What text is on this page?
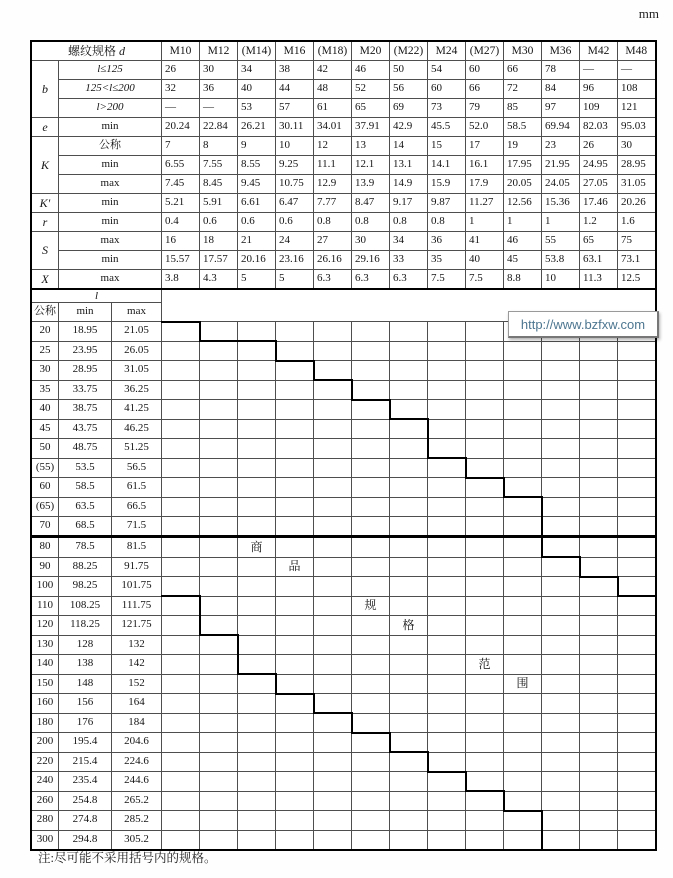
mm
螺纹规格 d			M10	M12	(M14)	M16	(M18)	M20	(M22)	M24	(M27)	M30	M36	M42	M48
b	l≤125		26	30	34	38	42	46	50	54	60	66	78	—	—
	125<l≤200		32	36	40	44	48	52	56	60	66	72	84	96	108
	l>200		—	—	53	57	61	65	69	73	79	85	97	109	121
e	min		20.24	22.84	26.21	30.11	34.01	37.91	42.9	45.5	52.0	58.5	69.94	82.03	95.03
K	公称		7	8	9	10	12	13	14	15	17	19	23	26	30
	min		6.55	7.55	8.55	9.25	11.1	12.1	13.1	14.1	16.1	17.95	21.95	24.95	28.95
	max		7.45	8.45	9.45	10.75	12.9	13.9	14.9	15.9	17.9	20.05	24.05	27.05	31.05
K′	min		5.21	5.91	6.61	6.47	7.77	8.47	9.17	9.87	11.27	12.56	15.36	17.46	20.26
r	min		0.4	0.6	0.6	0.6	0.8	0.8	0.8	0.8	1	1	1	1.2	1.6
S	max		16	18	21	24	27	30	34	36	41	46	55	65	75
	min		15.57	17.57	20.16	23.16	26.16	29.16	33	35	40	45	53.8	63.1	73.1
X	max		3.8	4.3	5	5	6.3	6.3	6.3	7.5	7.5	8.8	10	11.3	12.5
l															
公称	min	max													
20	18.95	21.05													
25	23.95	26.05													
30	28.95	31.05													
35	33.75	36.25													
40	38.75	41.25													
45	43.75	46.25													
50	48.75	51.25													
(55)	53.5	56.5													
60	58.5	61.5													
(65)	63.5	66.5													
70	68.5	71.5													
80	78.5	81.5			商										
90	88.25	91.75				品									
100	98.25	101.75													
110	108.25	111.75						规							
120	118.25	121.75							格						
130	128	132													
140	138	142									范				
150	148	152										围			
160	156	164													
180	176	184													
200	195.4	204.6													
220	215.4	224.6													
240	235.4	244.6													
260	254.8	265.2													
280	274.8	285.2													
300	294.8	305.2													
http://www.bzfxw.com
注:尽可能不采用括号内的规格。
